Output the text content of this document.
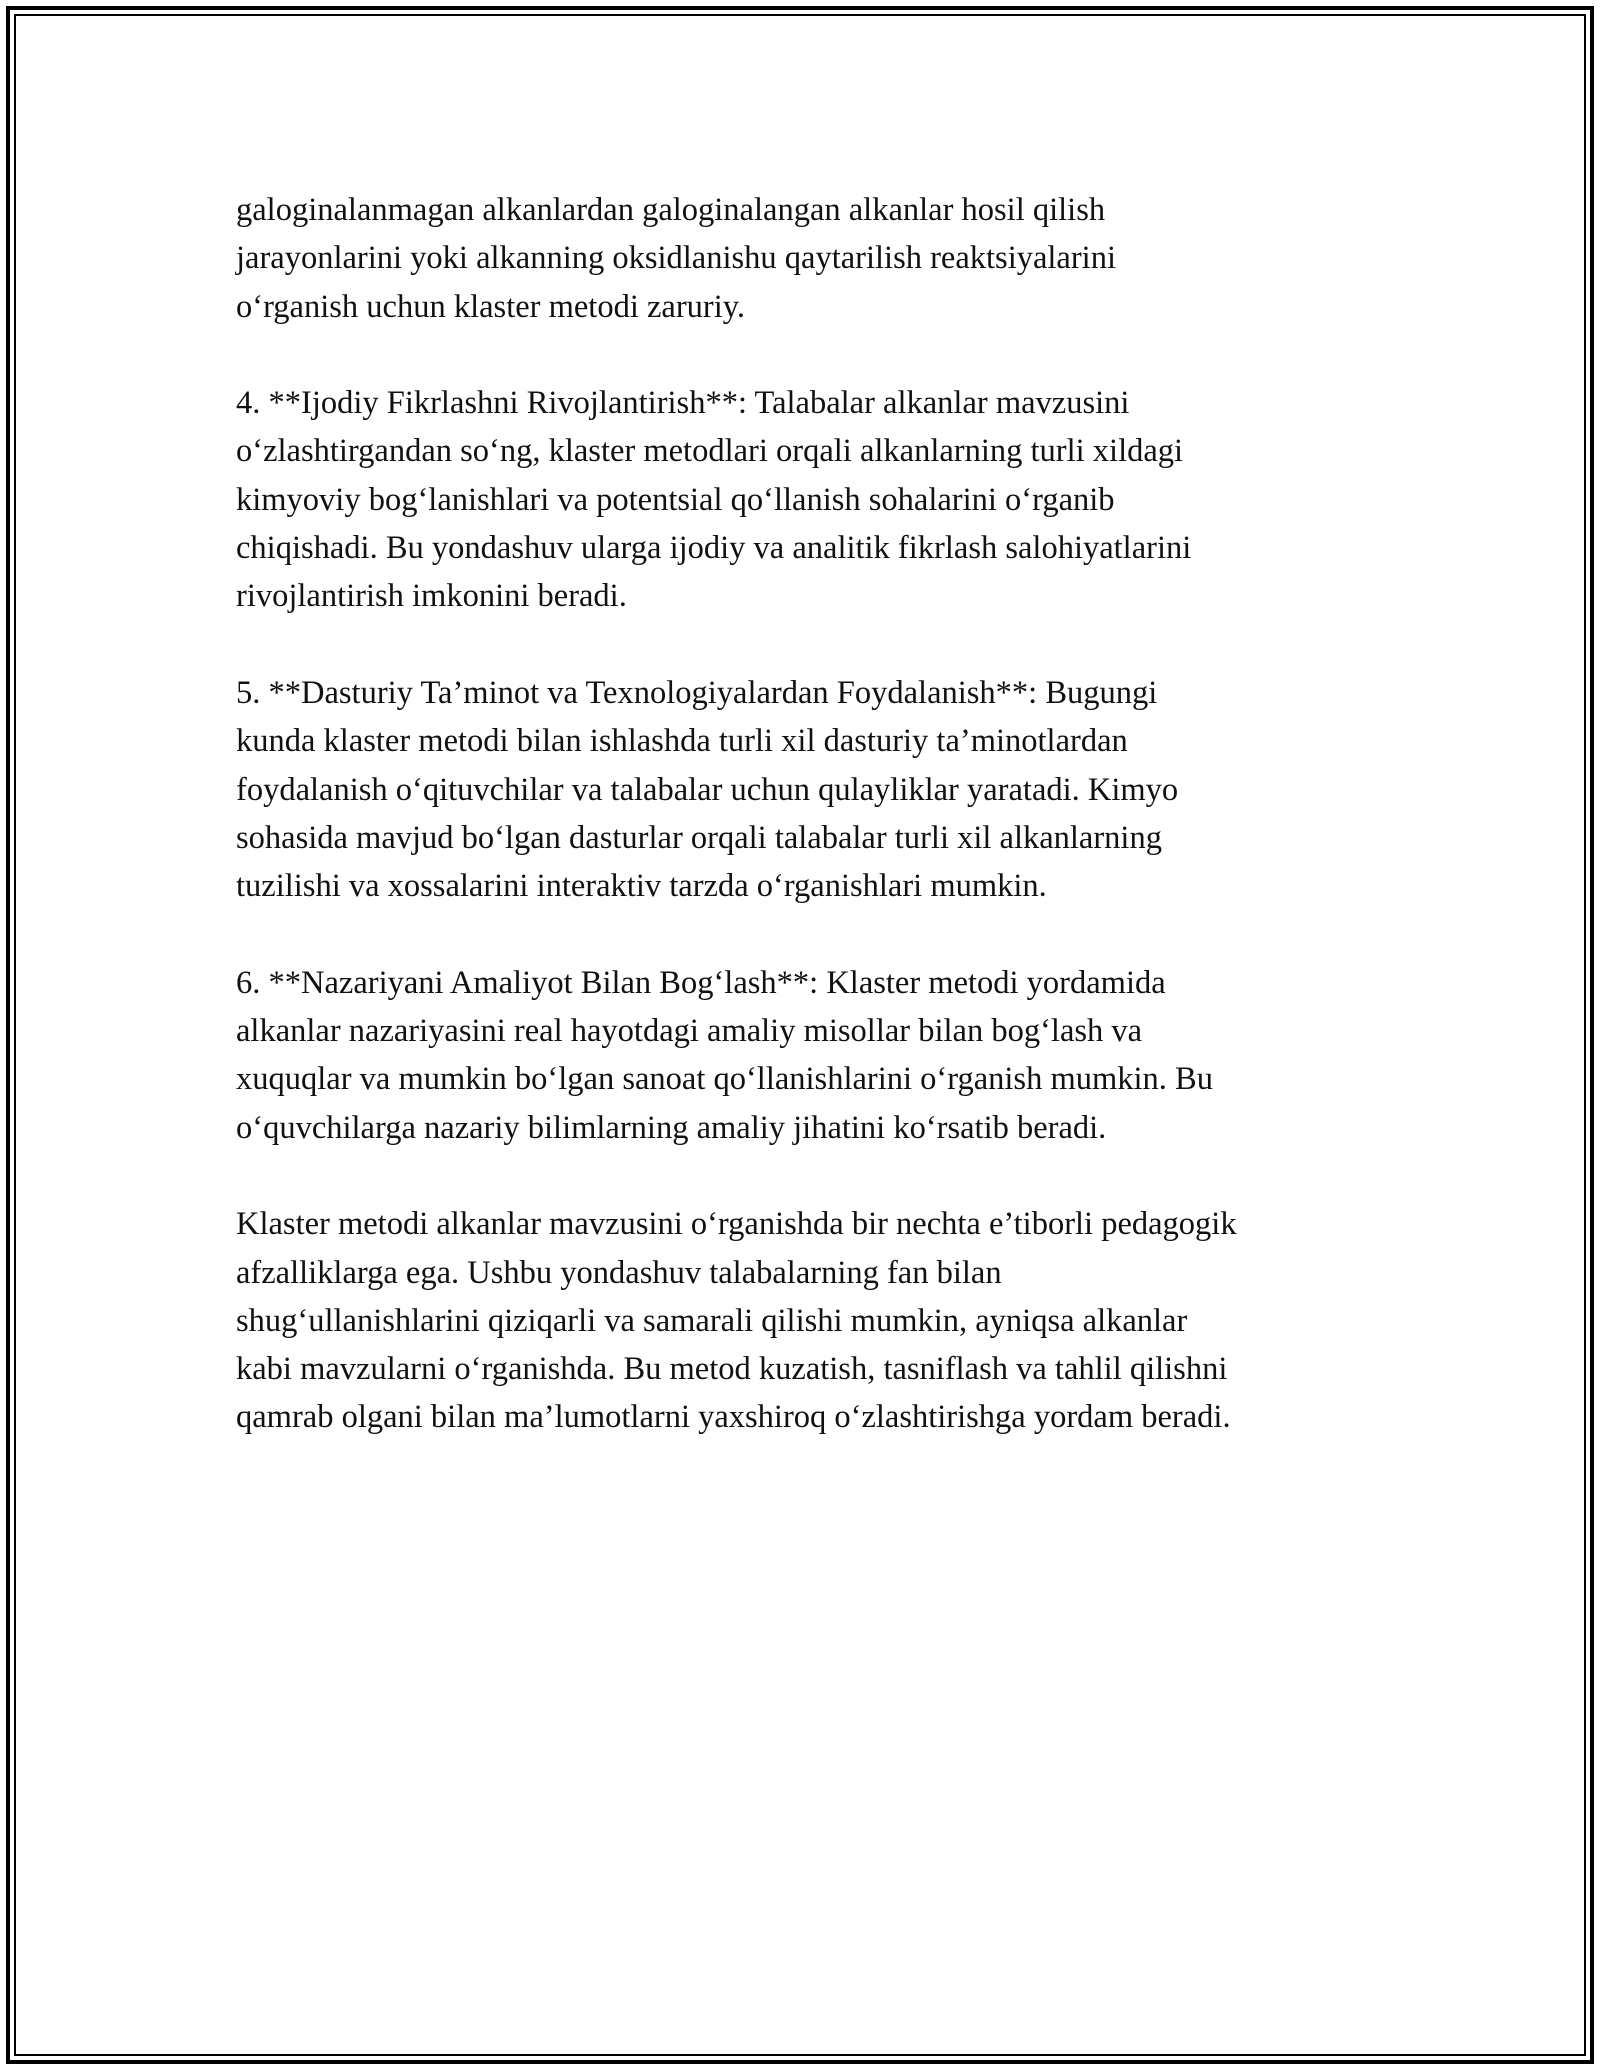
galoginalanmagan alkanlardan galoginalangan alkanlar hosil qilish
jarayonlarini yoki alkanning oksidlanishu qaytarilish reaktsiyalarini
o‘rganish uchun klaster metodi zaruriy.

4. **Ijodiy Fikrlashni Rivojlantirish**: Talabalar alkanlar mavzusini
o‘zlashtirgandan so‘ng, klaster metodlari orqali alkanlarning turli xildagi
kimyoviy bog‘lanishlari va potentsial qo‘llanish sohalarini o‘rganib
chiqishadi. Bu yondashuv ularga ijodiy va analitik fikrlash salohiyatlarini
rivojlantirish imkonini beradi.

5. **Dasturiy Ta’minot va Texnologiyalardan Foydalanish**: Bugungi
kunda klaster metodi bilan ishlashda turli xil dasturiy ta’minotlardan
foydalanish o‘qituvchilar va talabalar uchun qulayliklar yaratadi. Kimyo
sohasida mavjud bo‘lgan dasturlar orqali talabalar turli xil alkanlarning
tuzilishi va xossalarini interaktiv tarzda o‘rganishlari mumkin.

6. **Nazariyani Amaliyot Bilan Bog‘lash**: Klaster metodi yordamida
alkanlar nazariyasini real hayotdagi amaliy misollar bilan bog‘lash va
xuquqlar va mumkin bo‘lgan sanoat qo‘llanishlarini o‘rganish mumkin. Bu
o‘quvchilarga nazariy bilimlarning amaliy jihatini ko‘rsatib beradi.

Klaster metodi alkanlar mavzusini o‘rganishda bir nechta e’tiborli pedagogik
afzalliklarga ega. Ushbu yondashuv talabalarning fan bilan
shug‘ullanishlarini qiziqarli va samarali qilishi mumkin, ayniqsa alkanlar
kabi mavzularni o‘rganishda. Bu metod kuzatish, tasniflash va tahlil qilishni
qamrab olgani bilan ma’lumotlarni yaxshiroq o‘zlashtirishga yordam beradi.
